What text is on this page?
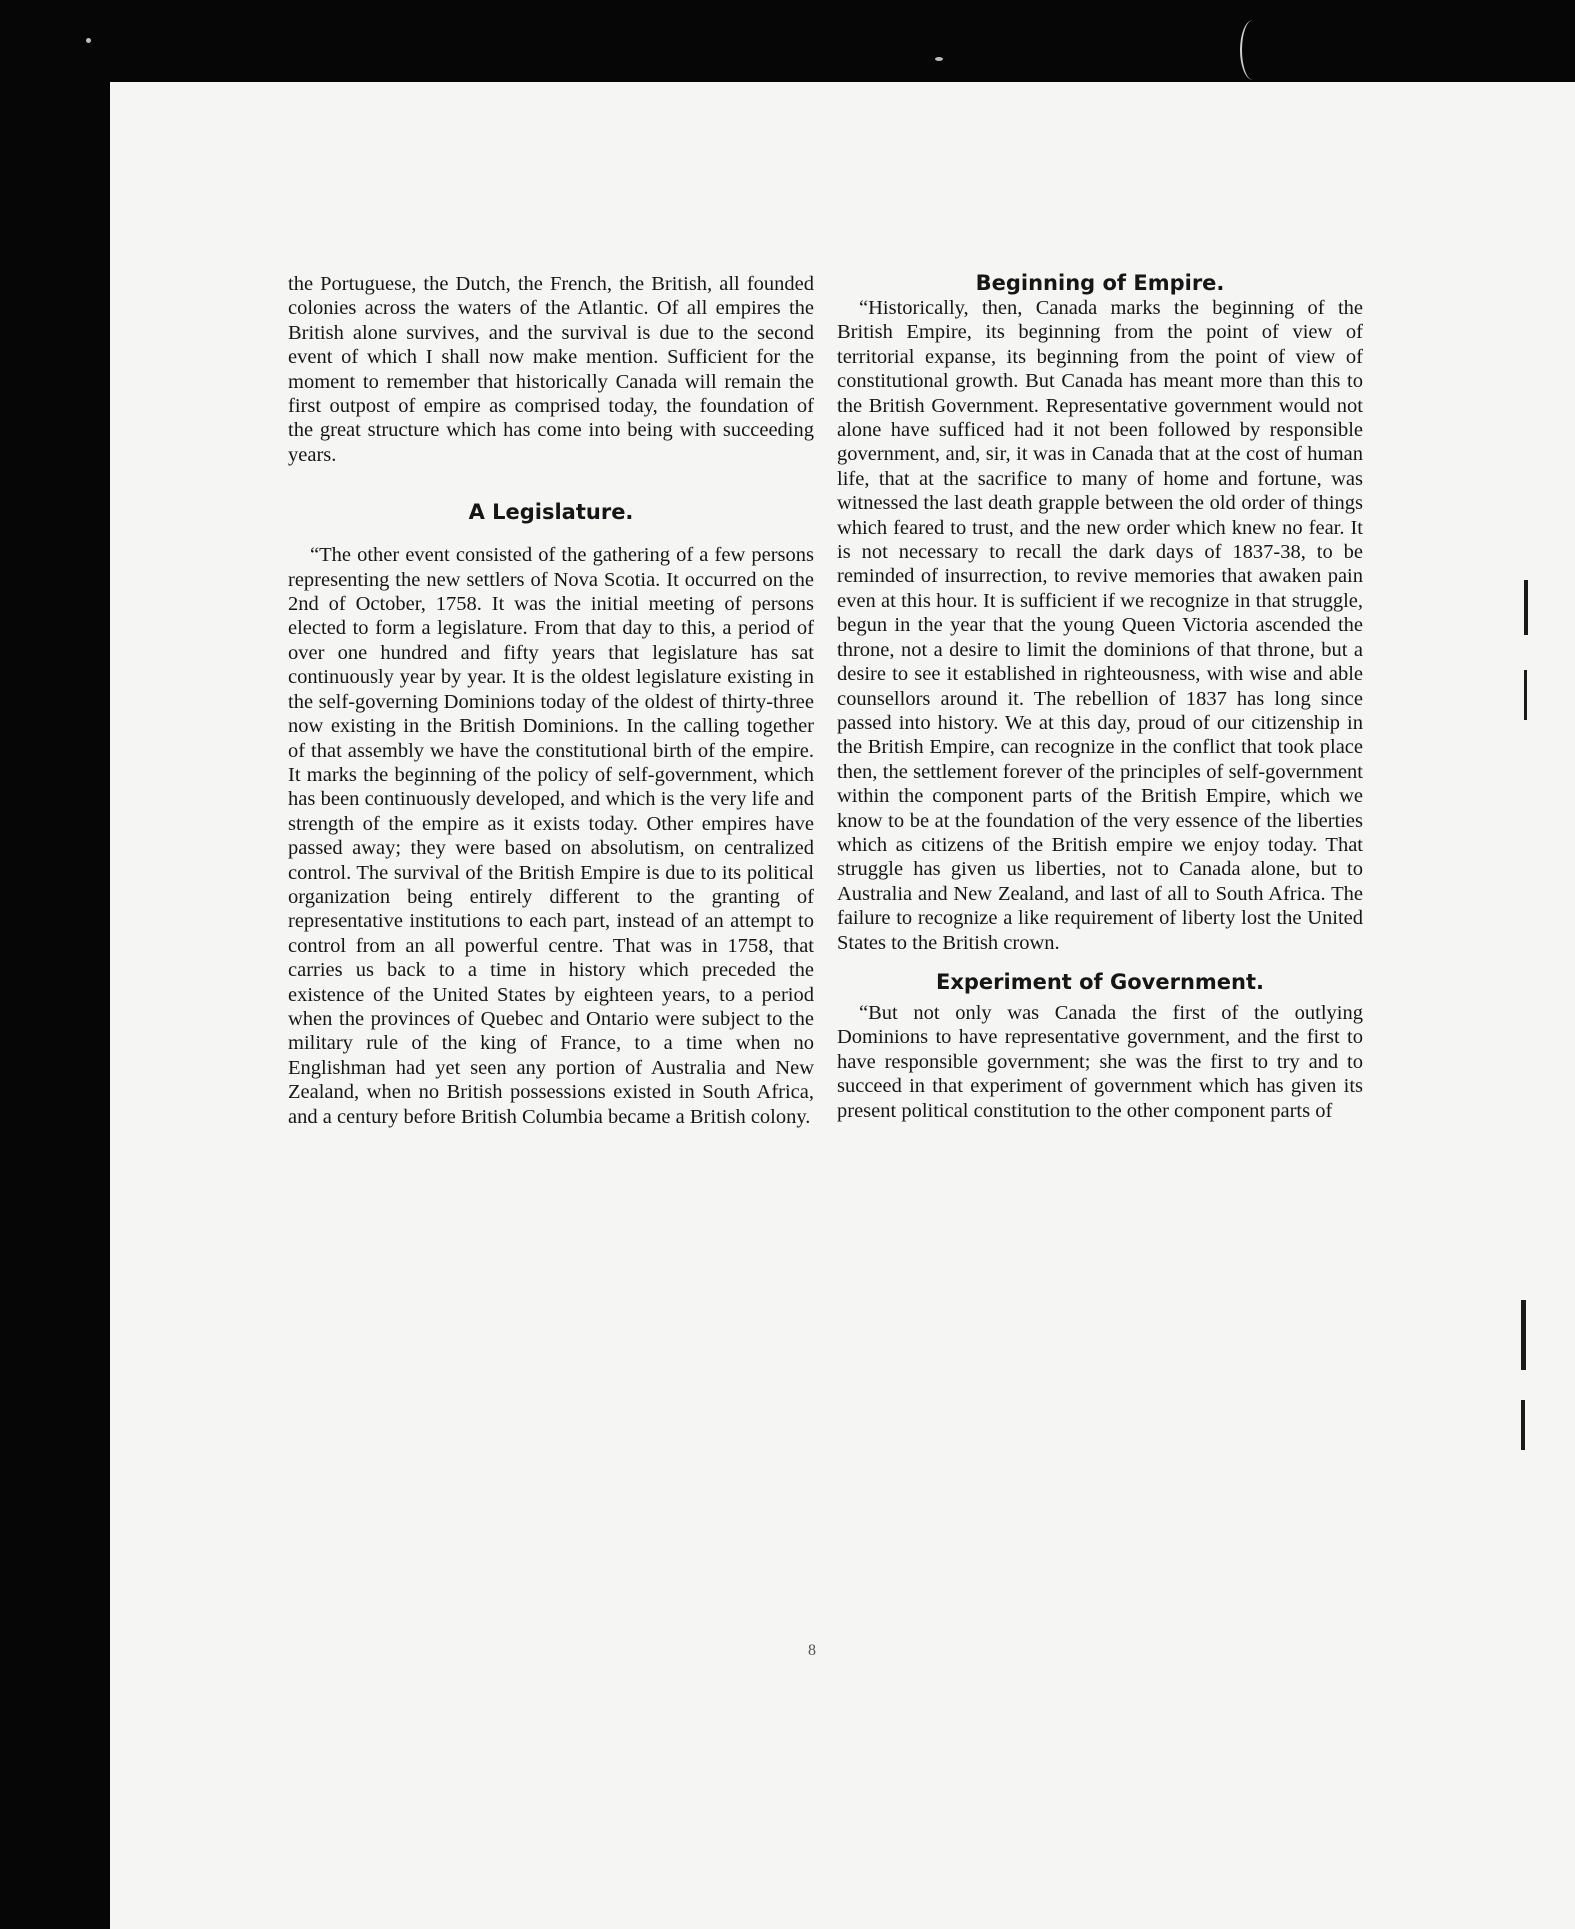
the Portuguese, the Dutch, the French, the British, all founded colonies across the waters of the Atlantic. Of all empires the British alone survives, and the survival is due to the second event of which I shall now make mention. Sufficient for the moment to remember that historically Canada will remain the first outpost of empire as comprised today, the foundation of the great structure which has come into being with succeeding years.

A Legislature.

“The other event consisted of the gathering of a few persons representing the new settlers of Nova Scotia. It occurred on the 2nd of October, 1758. It was the initial meeting of persons elected to form a legislature. From that day to this, a period of over one hundred and fifty years that legislature has sat continuously year by year. It is the oldest legislature existing in the self-governing Dominions today of the oldest of thirty-three now existing in the British Dominions. In the calling together of that assembly we have the constitutional birth of the empire. It marks the beginning of the policy of self-government, which has been continuously developed, and which is the very life and strength of the empire as it exists today. Other empires have passed away; they were based on absolutism, on centralized control. The survival of the British Empire is due to its political organization being entirely different to the granting of representative institutions to each part, instead of an attempt to control from an all powerful centre. That was in 1758, that carries us back to a time in history which preceded the existence of the United States by eighteen years, to a period when the provinces of Quebec and Ontario were subject to the military rule of the king of France, to a time when no Englishman had yet seen any portion of Australia and New Zealand, when no British possessions existed in South Africa, and a century before British Columbia became a British colony.

Beginning of Empire.

“Historically, then, Canada marks the beginning of the British Empire, its beginning from the point of view of territorial expanse, its beginning from the point of view of constitutional growth. But Canada has meant more than this to the British Government. Representative government would not alone have sufficed had it not been followed by responsible government, and, sir, it was in Canada that at the cost of human life, that at the sacrifice to many of home and fortune, was witnessed the last death grapple between the old order of things which feared to trust, and the new order which knew no fear. It is not necessary to recall the dark days of 1837-38, to be reminded of insurrection, to revive memories that awaken pain even at this hour. It is sufficient if we recognize in that struggle, begun in the year that the young Queen Victoria ascended the throne, not a desire to limit the dominions of that throne, but a desire to see it established in righteousness, with wise and able counsellors around it. The rebellion of 1837 has long since passed into history. We at this day, proud of our citizenship in the British Empire, can recognize in the conflict that took place then, the settlement forever of the principles of self-government within the component parts of the British Empire, which we know to be at the foundation of the very essence of the liberties which as citizens of the British empire we enjoy today. That struggle has given us liberties, not to Canada alone, but to Australia and New Zealand, and last of all to South Africa. The failure to recognize a like requirement of liberty lost the United States to the British crown.

Experiment of Government.

“But not only was Canada the first of the outlying Dominions to have representative government, and the first to have responsible government; she was the first to try and to succeed in that experiment of government which has given its present political constitution to the other component parts of

8
